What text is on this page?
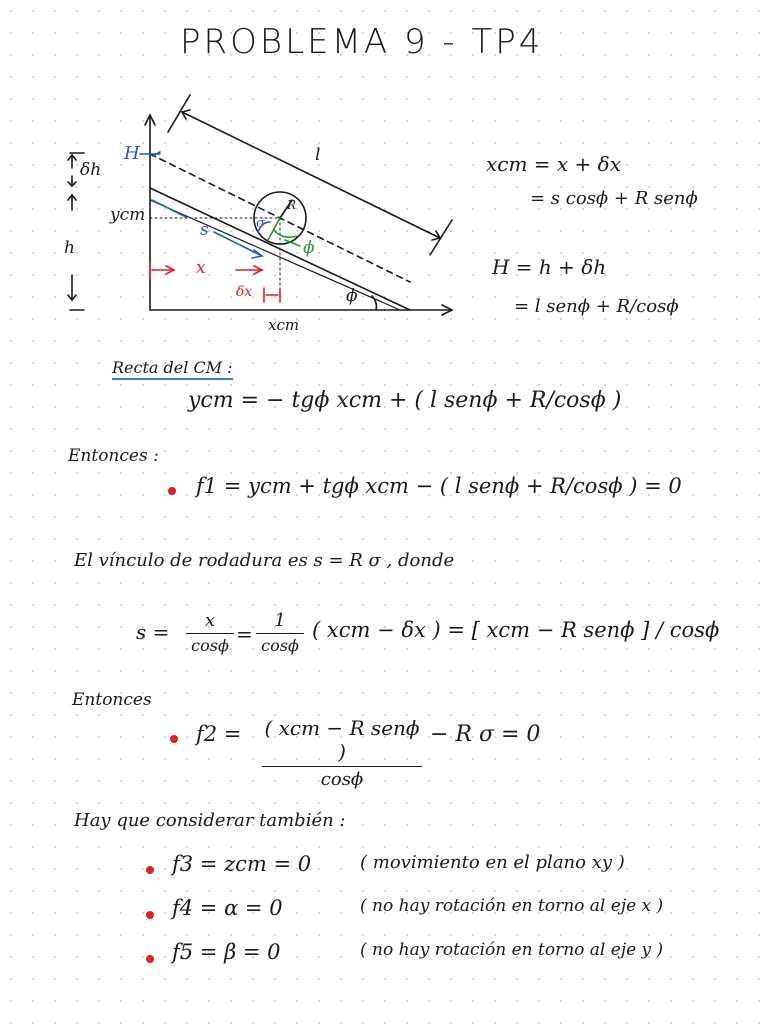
PROBLEMA 9 - TP4
H
δh
ycm
h
l
s
R
σ
ϕ
x
δx
xcm
ϕ
xcm = x + δx
= s cosϕ + R senϕ
H = h + δh
= l senϕ + R/cosϕ
Recta del CM :
ycm = − tgϕ xcm + ( l senϕ + R/cosϕ )
Entonces :
f1 = ycm + tgϕ xcm − ( l senϕ + R/cosϕ ) = 0
El vínculo de rodadura es s = R σ , donde
s =	x
cosϕ =
1
cosϕ
( xcm − δx ) = [ xcm − R senϕ ] / cosϕ
Entonces
f2 = ( xcm − R senϕ )
cosϕ
− R σ = 0
Hay que considerar también :
f3 = zcm = 0	( movimiento en el plano xy )
f4 = α = 0	( no hay rotación en torno al eje x )
f5 = β = 0	( no hay rotación en torno al eje y )
